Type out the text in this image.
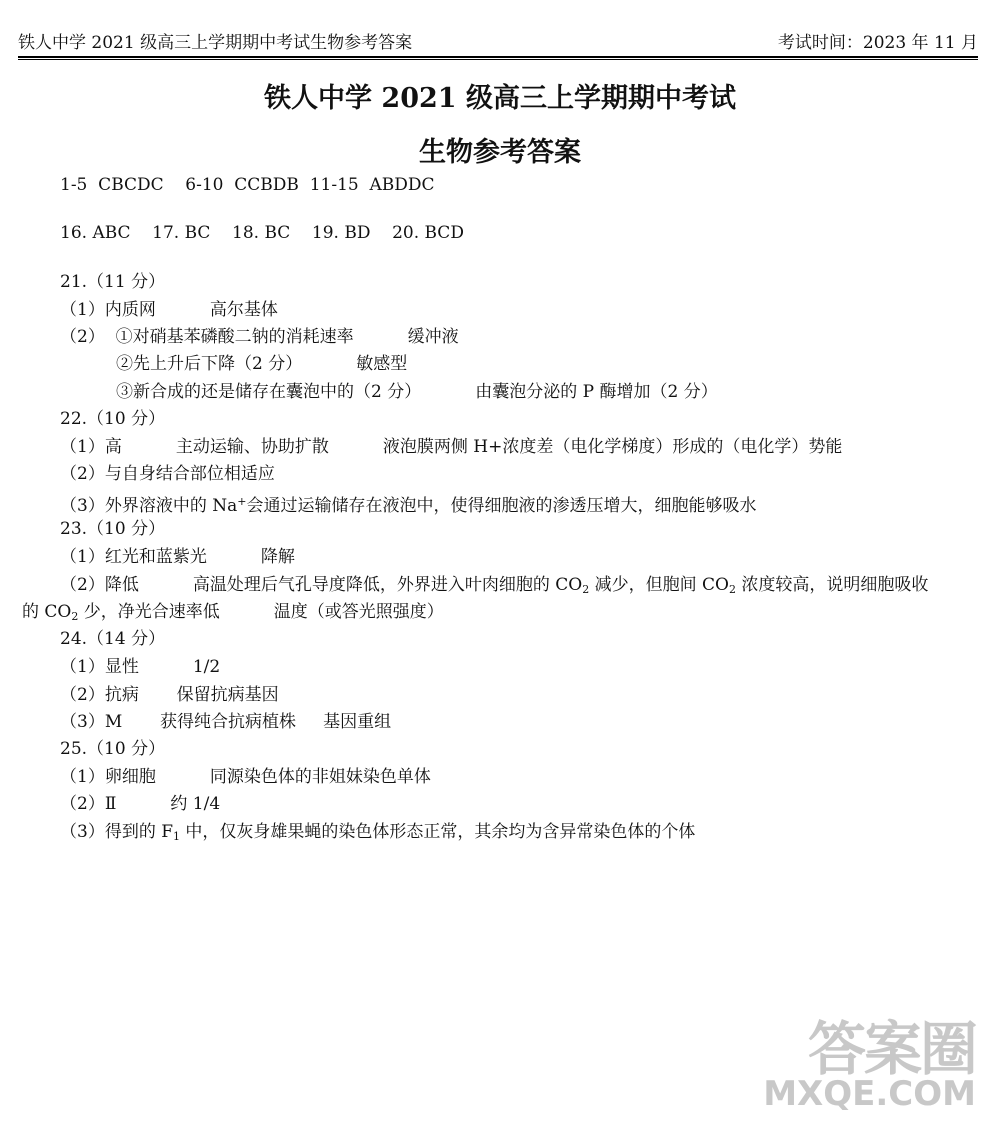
铁人中学 2021 级高三上学期期中考试生物参考答案	考试时间：2023 年 11 月
铁人中学 2021 级高三上学期期中考试
生物参考答案
1-5  CBCDC    6-10  CCBDB  11-15  ABDDC
16. ABC    17. BC    18. BC    19. BD    20. BCD
21.（11 分）
（1）内质网          高尔基体
（2）  ①对硝基苯磷酸二钠的消耗速率          缓冲液
②先上升后下降（2 分）          敏感型
③新合成的还是储存在囊泡中的（2 分）          由囊泡分泌的 P 酶增加（2 分）
22.（10 分）
（1）高          主动运输、协助扩散          液泡膜两侧 H+浓度差（电化学梯度）形成的（电化学）势能
（2）与自身结合部位相适应
（3）外界溶液中的 Na+会通过运输储存在液泡中，使得细胞液的渗透压增大，细胞能够吸水
23.（10 分）
（1）红光和蓝紫光          降解
（2）降低          高温处理后气孔导度降低，外界进入叶肉细胞的 $CO_2$ 减少，但胞间 $CO_2$ 浓度较高，说明细胞吸收
的 $CO_2$ 少，净光合速率低          温度（或答光照强度）
24.（14 分）
（1）显性          1/2
（2）抗病       保留抗病基因
（3）M       获得纯合抗病植株     基因重组
25.（10 分）
（1）卵细胞          同源染色体的非姐妹染色单体
（2）Ⅱ          约 1/4
（3）得到的 $F_1$ 中，仅灰身雄果蝇的染色体形态正常，其余均为含异常染色体的个体
答案圈
MXQE.COM
